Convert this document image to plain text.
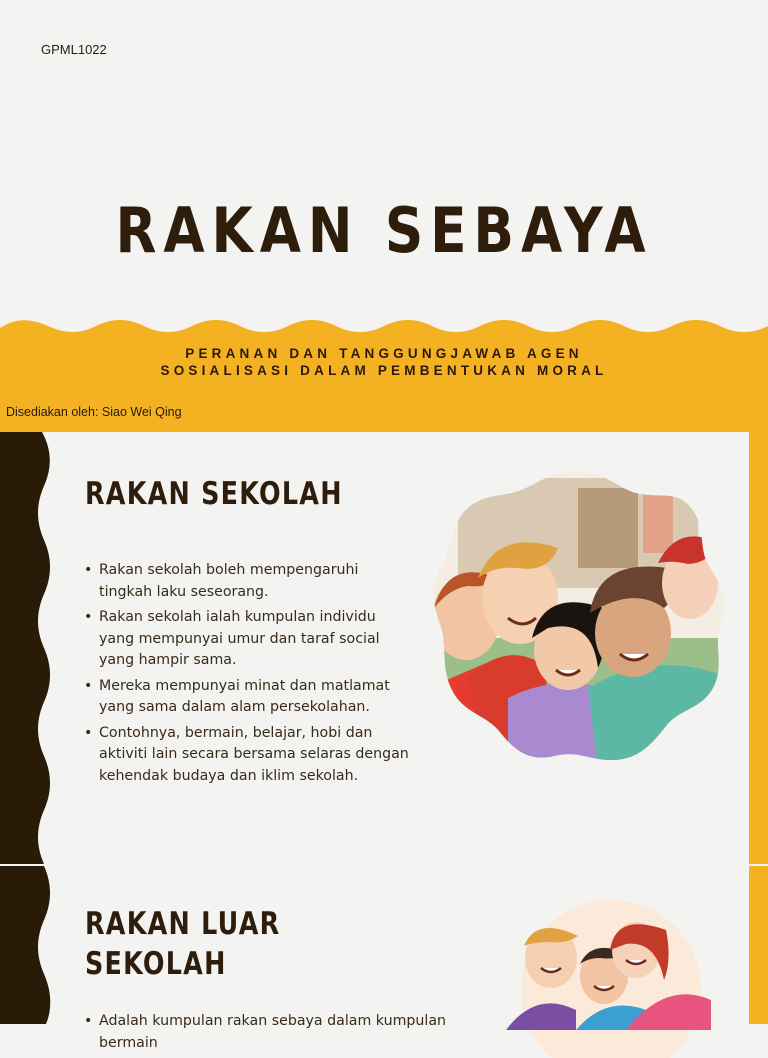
GPML1022
RAKAN SEBAYA
PERANAN DAN TANGGUNGJAWAB AGEN
SOSIALISASI DALAM PEMBENTUKAN MORAL
Disediakan oleh: Siao Wei Qing
RAKAN SEKOLAH
• Rakan sekolah boleh mempengaruhi tingkah laku seseorang.
• Rakan sekolah ialah kumpulan individu yang mempunyai umur dan taraf social yang hampir sama.
• Mereka mempunyai minat dan matlamat yang sama dalam alam persekolahan.
• Contohnya, bermain, belajar, hobi dan aktiviti lain secara bersama selaras dengan kehendak budaya dan iklim sekolah.
RAKAN LUAR
SEKOLAH
• Adalah kumpulan rakan sebaya dalam kumpulan bermain
